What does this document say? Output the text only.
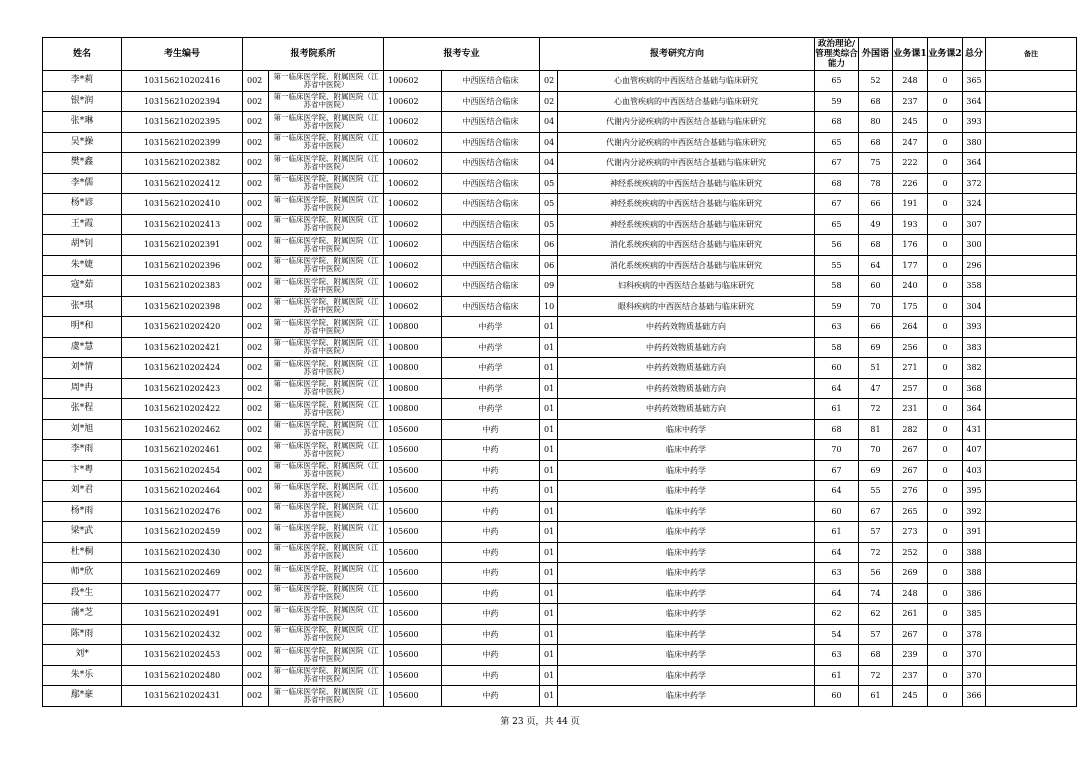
姓名	考生编号	报考院系所		报考专业		报考研究方向		政治理论/管理类综合能力	外国语	业务课1	业务课2	总分	备注
李*莉	103156210202416	002	第一临床医学院、附属医院（江苏省中医院）	100602	中西医结合临床	02	心血管疾病的中西医结合基础与临床研究	65	52	248	0	365	
银*润	103156210202394	002	第一临床医学院、附属医院（江苏省中医院）	100602	中西医结合临床	02	心血管疾病的中西医结合基础与临床研究	59	68	237	0	364	
张*琳	103156210202395	002	第一临床医学院、附属医院（江苏省中医院）	100602	中西医结合临床	04	代谢内分泌疾病的中西医结合基础与临床研究	68	80	245	0	393	
吴*操	103156210202399	002	第一临床医学院、附属医院（江苏省中医院）	100602	中西医结合临床	04	代谢内分泌疾病的中西医结合基础与临床研究	65	68	247	0	380	
樊*鑫	103156210202382	002	第一临床医学院、附属医院（江苏省中医院）	100602	中西医结合临床	04	代谢内分泌疾病的中西医结合基础与临床研究	67	75	222	0	364	
李*儒	103156210202412	002	第一临床医学院、附属医院（江苏省中医院）	100602	中西医结合临床	05	神经系统疾病的中西医结合基础与临床研究	68	78	226	0	372	
杨*谚	103156210202410	002	第一临床医学院、附属医院（江苏省中医院）	100602	中西医结合临床	05	神经系统疾病的中西医结合基础与临床研究	67	66	191	0	324	
王*霞	103156210202413	002	第一临床医学院、附属医院（江苏省中医院）	100602	中西医结合临床	05	神经系统疾病的中西医结合基础与临床研究	65	49	193	0	307	
胡*钊	103156210202391	002	第一临床医学院、附属医院（江苏省中医院）	100602	中西医结合临床	06	消化系统疾病的中西医结合基础与临床研究	56	68	176	0	300	
朱*婕	103156210202396	002	第一临床医学院、附属医院（江苏省中医院）	100602	中西医结合临床	06	消化系统疾病的中西医结合基础与临床研究	55	64	177	0	296	
寇*茹	103156210202383	002	第一临床医学院、附属医院（江苏省中医院）	100602	中西医结合临床	09	妇科疾病的中西医结合基础与临床研究	58	60	240	0	358	
张*琪	103156210202398	002	第一临床医学院、附属医院（江苏省中医院）	100602	中西医结合临床	10	眼科疾病的中西医结合基础与临床研究	59	70	175	0	304	
明*和	103156210202420	002	第一临床医学院、附属医院（江苏省中医院）	100800	中药学	01	中药药效物质基础方向	63	66	264	0	393	
虞*慧	103156210202421	002	第一临床医学院、附属医院（江苏省中医院）	100800	中药学	01	中药药效物质基础方向	58	69	256	0	383	
刘*情	103156210202424	002	第一临床医学院、附属医院（江苏省中医院）	100800	中药学	01	中药药效物质基础方向	60	51	271	0	382	
周*冉	103156210202423	002	第一临床医学院、附属医院（江苏省中医院）	100800	中药学	01	中药药效物质基础方向	64	47	257	0	368	
张*程	103156210202422	002	第一临床医学院、附属医院（江苏省中医院）	100800	中药学	01	中药药效物质基础方向	61	72	231	0	364	
刘*旭	103156210202462	002	第一临床医学院、附属医院（江苏省中医院）	105600	中药	01	临床中药学	68	81	282	0	431	
李*雨	103156210202461	002	第一临床医学院、附属医院（江苏省中医院）	105600	中药	01	临床中药学	70	70	267	0	407	
卞*粤	103156210202454	002	第一临床医学院、附属医院（江苏省中医院）	105600	中药	01	临床中药学	67	69	267	0	403	
刘*君	103156210202464	002	第一临床医学院、附属医院（江苏省中医院）	105600	中药	01	临床中药学	64	55	276	0	395	
杨*雨	103156210202476	002	第一临床医学院、附属医院（江苏省中医院）	105600	中药	01	临床中药学	60	67	265	0	392	
梁*武	103156210202459	002	第一临床医学院、附属医院（江苏省中医院）	105600	中药	01	临床中药学	61	57	273	0	391	
杜*桐	103156210202430	002	第一临床医学院、附属医院（江苏省中医院）	105600	中药	01	临床中药学	64	72	252	0	388	
师*欣	103156210202469	002	第一临床医学院、附属医院（江苏省中医院）	105600	中药	01	临床中药学	63	56	269	0	388	
段*生	103156210202477	002	第一临床医学院、附属医院（江苏省中医院）	105600	中药	01	临床中药学	64	74	248	0	386	
蒲*芝	103156210202491	002	第一临床医学院、附属医院（江苏省中医院）	105600	中药	01	临床中药学	62	62	261	0	385	
陈*雨	103156210202432	002	第一临床医学院、附属医院（江苏省中医院）	105600	中药	01	临床中药学	54	57	267	0	378	
刘*	103156210202453	002	第一临床医学院、附属医院（江苏省中医院）	105600	中药	01	临床中药学	63	68	239	0	370	
朱*乐	103156210202480	002	第一临床医学院、附属医院（江苏省中医院）	105600	中药	01	临床中药学	61	72	237	0	370	
鄢*豪	103156210202431	002	第一临床医学院、附属医院（江苏省中医院）	105600	中药	01	临床中药学	60	61	245	0	366	
第 23 页，共 44 页
